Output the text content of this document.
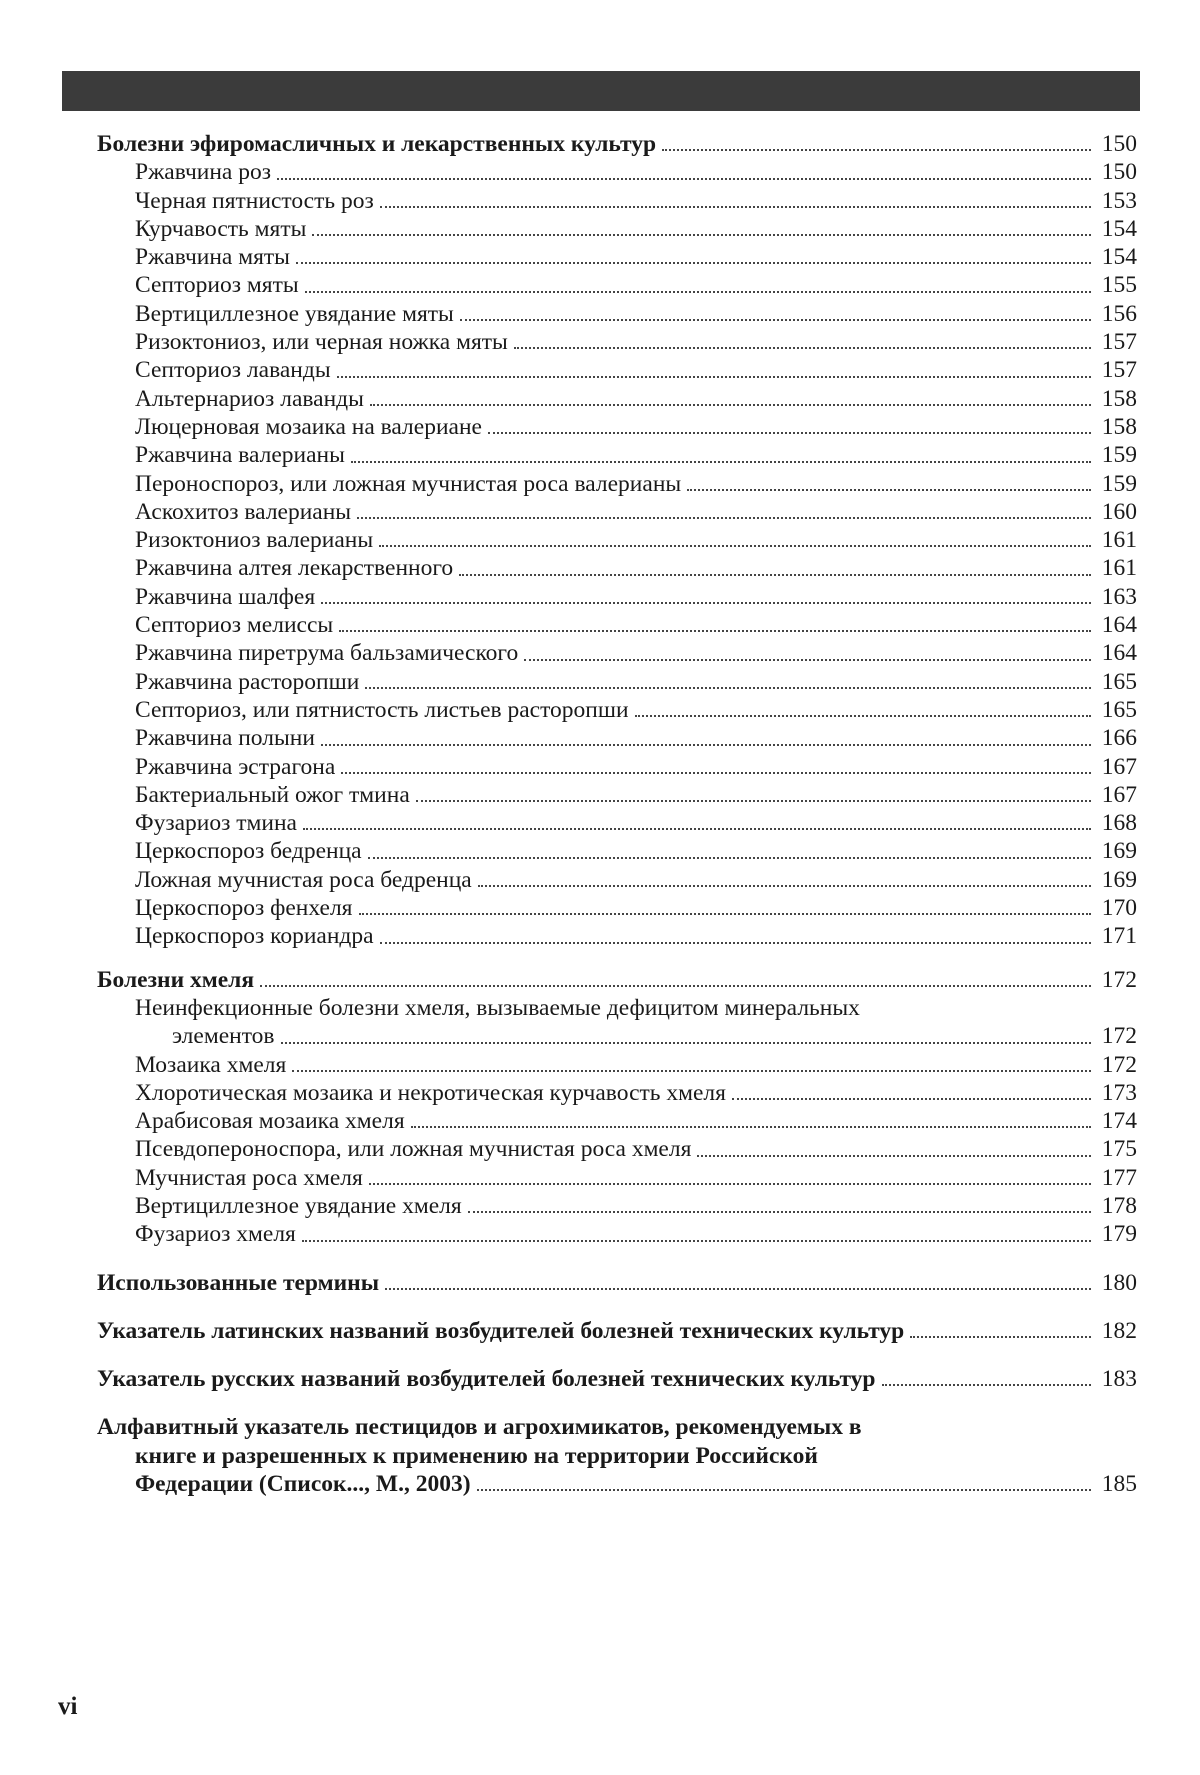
Болезни эфиромасличных и лекарственных культур	150
Ржавчина роз	150
Черная пятнистость роз	153
Курчавость мяты	154
Ржавчина мяты	154
Септориоз мяты	155
Вертициллезное увядание мяты	156
Ризоктониоз, или черная ножка мяты	157
Септориоз лаванды	157
Альтернариоз лаванды	158
Люцерновая мозаика на валериане	158
Ржавчина валерианы	159
Пероноспороз, или ложная мучнистая роса валерианы	159
Аскохитоз валерианы	160
Ризоктониоз валерианы	161
Ржавчина алтея лекарственного	161
Ржавчина шалфея	163
Септориоз мелиссы	164
Ржавчина пиретрума бальзамического	164
Ржавчина расторопши	165
Септориоз, или пятнистость листьев расторопши	165
Ржавчина полыни	166
Ржавчина эстрагона	167
Бактериальный ожог тмина	167
Фузариоз тмина	168
Церкоспороз бедренца	169
Ложная мучнистая роса бедренца	169
Церкоспороз фенхеля	170
Церкоспороз кориандра	171
Болезни хмеля	172
Неинфекционные болезни хмеля, вызываемые дефицитом минеральных
элементов	172
Мозаика хмеля	172
Хлоротическая мозаика и некротическая курчавость хмеля	173
Арабисовая мозаика хмеля	174
Псевдопероноспора, или ложная мучнистая роса хмеля	175
Мучнистая роса хмеля	177
Вертициллезное увядание хмеля	178
Фузариоз хмеля	179
Использованные термины	180
Указатель латинских названий возбудителей болезней технических культур	182
Указатель русских названий возбудителей болезней технических культур	183
Алфавитный указатель пестицидов и агрохимикатов, рекомендуемых в
книге и разрешенных к применению на территории Российской
Федерации (Список..., М., 2003)	185
vi
